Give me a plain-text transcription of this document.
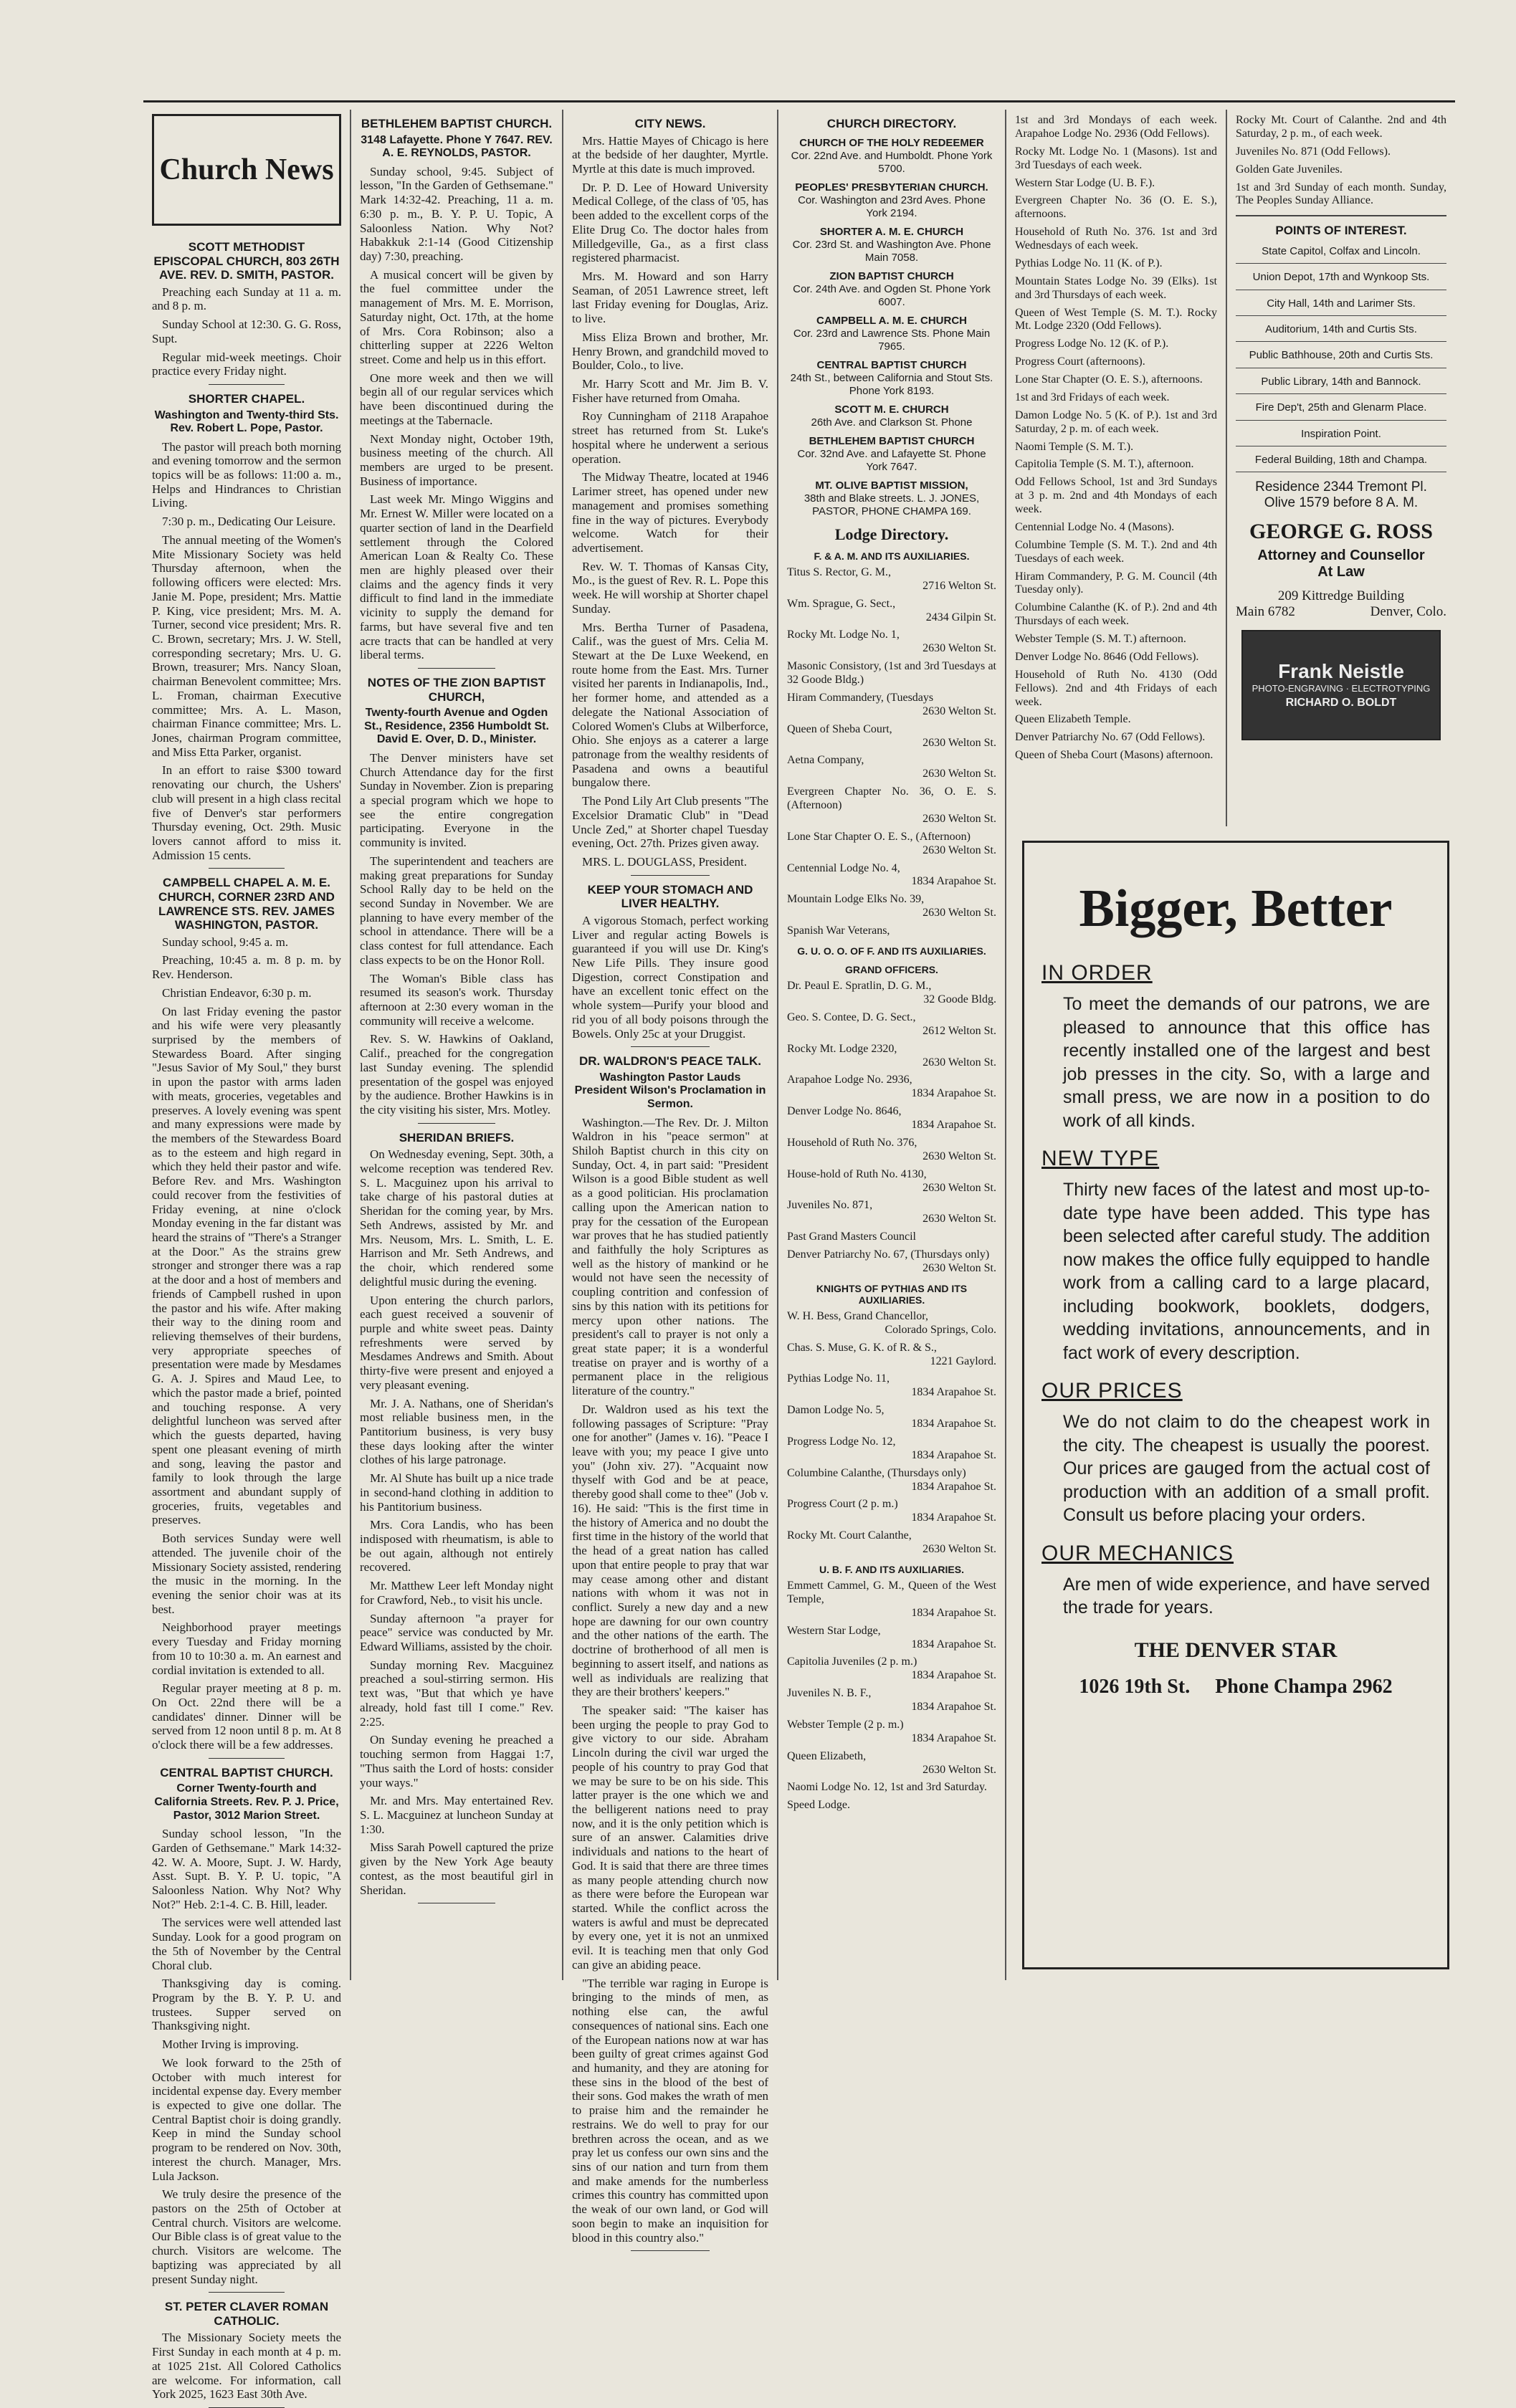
Church News
SCOTT METHODIST EPISCOPAL CHURCH, 803 26TH AVE. REV. D. SMITH, PASTOR.

Preaching each Sunday at 11 a. m. and 8 p. m.

Sunday School at 12:30. G. G. Ross, Supt.

Regular mid-week meetings. Choir practice every Friday night.

SHORTER CHAPEL.
Washington and Twenty-third Sts. Rev. Robert L. Pope, Pastor.

The pastor will preach both morning and evening tomorrow and the sermon topics will be as follows: 11:00 a. m., Helps and Hindrances to Christian Living.

7:30 p. m., Dedicating Our Leisure.

The annual meeting of the Women's Mite Missionary Society was held Thursday afternoon, when the following officers were elected: Mrs. Janie M. Pope, president; Mrs. Mattie P. King, vice president; Mrs. M. A. Turner, second vice president; Mrs. R. C. Brown, secretary; Mrs. J. W. Stell, corresponding secretary; Mrs. U. G. Brown, treasurer; Mrs. Nancy Sloan, chairman Benevolent committee; Mrs. L. Froman, chairman Executive committee; Mrs. A. L. Mason, chairman Finance committee; Mrs. L. Jones, chairman Program committee, and Miss Etta Parker, organist.

In an effort to raise $300 toward renovating our church, the Ushers' club will present in a high class recital five of Denver's star performers Thursday evening, Oct. 29th. Music lovers cannot afford to miss it. Admission 15 cents.

CAMPBELL CHAPEL A. M. E. CHURCH, CORNER 23RD AND LAWRENCE STS. REV. JAMES WASHINGTON, PASTOR.

Sunday school, 9:45 a. m.

Preaching, 10:45 a. m. 8 p. m. by Rev. Henderson.

Christian Endeavor, 6:30 p. m.

On last Friday evening the pastor and his wife were very pleasantly surprised by the members of Stewardess Board. After singing "Jesus Savior of My Soul," they burst in upon the pastor with arms laden with meats, groceries, vegetables and preserves. A lovely evening was spent and many expressions were made by the members of the Stewardess Board as to the esteem and high regard in which they held their pastor and wife. Before Rev. and Mrs. Washington could recover from the festivities of Friday evening, at nine o'clock Monday evening in the far distant was heard the strains of "There's a Stranger at the Door." As the strains grew stronger and stronger there was a rap at the door and a host of members and friends of Campbell rushed in upon the pastor and his wife. After making their way to the dining room and relieving themselves of their burdens, very appropriate speeches of presentation were made by Mesdames G. A. J. Spires and Maud Lee, to which the pastor made a brief, pointed and touching response. A very delightful luncheon was served after which the guests departed, having spent one pleasant evening of mirth and song, leaving the pastor and family to look through the large assortment and abundant supply of groceries, fruits, vegetables and preserves.

Both services Sunday were well attended. The juvenile choir of the Missionary Society assisted, rendering the music in the morning. In the evening the senior choir was at its best.

Neighborhood prayer meetings every Tuesday and Friday morning from 10 to 10:30 a. m. An earnest and cordial invitation is extended to all.

Regular prayer meeting at 8 p. m. On Oct. 22nd there will be a candidates' dinner. Dinner will be served from 12 noon until 8 p. m. At 8 o'clock there will be a few addresses.

CENTRAL BAPTIST CHURCH.
Corner Twenty-fourth and California Streets. Rev. P. J. Price, Pastor, 3012 Marion Street.

Sunday school lesson, "In the Garden of Gethsemane." Mark 14:32-42. W. A. Moore, Supt. J. W. Hardy, Asst. Supt. B. Y. P. U. topic, "A Saloonless Nation. Why Not? Why Not?" Heb. 2:1-4. C. B. Hill, leader.

The services were well attended last Sunday. Look for a good program on the 5th of November by the Central Choral club.

Thanksgiving day is coming. Program by the B. Y. P. U. and trustees. Supper served on Thanksgiving night.

Mother Irving is improving.

We look forward to the 25th of October with much interest for incidental expense day. Every member is expected to give one dollar. The Central Baptist choir is doing grandly. Keep in mind the Sunday school program to be rendered on Nov. 30th, interest the church. Manager, Mrs. Lula Jackson.

We truly desire the presence of the pastors on the 25th of October at Central church. Visitors are welcome. Our Bible class is of great value to the church. Visitors are welcome. The baptizing was appreciated by all present Sunday night.

ST. PETER CLAVER ROMAN CATHOLIC.

The Missionary Society meets the First Sunday in each month at 4 p. m. at 1025 21st. All Colored Catholics are welcome. For information, call York 2025, 1623 East 30th Ave.

BETHLEHEM BAPTIST CHURCH.
3148 Lafayette. Phone Y 7647. REV. A. E. REYNOLDS, PASTOR.

Sunday school, 9:45. Subject of lesson, "In the Garden of Gethsemane." Mark 14:32-42. Preaching, 11 a. m. 6:30 p. m., B. Y. P. U. Topic, A Saloonless Nation. Why Not? Habakkuk 2:1-14 (Good Citizenship day) 7:30, preaching.

A musical concert will be given by the fuel committee under the management of Mrs. M. E. Morrison, Saturday night, Oct. 17th, at the home of Mrs. Cora Robinson; also a chitterling supper at 2226 Welton street. Come and help us in this effort.

One more week and then we will begin all of our regular services which have been discontinued during the meetings at the Tabernacle.

Next Monday night, October 19th, business meeting of the church. All members are urged to be present. Business of importance.

Last week Mr. Mingo Wiggins and Mr. Ernest W. Miller were located on a quarter section of land in the Dearfield settlement through the Colored American Loan & Realty Co. These men are highly pleased over their claims and the agency finds it very difficult to find land in the immediate vicinity to supply the demand for farms, but have several five and ten acre tracts that can be handled at very liberal terms.

NOTES OF THE ZION BAPTIST CHURCH,
Twenty-fourth Avenue and Ogden St., Residence, 2356 Humboldt St. David E. Over, D. D., Minister.

The Denver ministers have set Church Attendance day for the first Sunday in November. Zion is preparing a special program which we hope to see the entire congregation participating. Everyone in the community is invited.

The superintendent and teachers are making great preparations for Sunday School Rally day to be held on the second Sunday in November. We are planning to have every member of the school in attendance. There will be a class contest for full attendance. Each class expects to be on the Honor Roll.

The Woman's Bible class has resumed its season's work. Thursday afternoon at 2:30 every woman in the community will receive a welcome.

Rev. S. W. Hawkins of Oakland, Calif., preached for the congregation last Sunday evening. The splendid presentation of the gospel was enjoyed by the audience. Brother Hawkins is in the city visiting his sister, Mrs. Motley.

SHERIDAN BRIEFS.

On Wednesday evening, Sept. 30th, a welcome reception was tendered Rev. S. L. Macguinez upon his arrival to take charge of his pastoral duties at Sheridan for the coming year, by Mrs. Seth Andrews, assisted by Mr. and Mrs. Neusom, Mrs. L. Smith, L. E. Harrison and Mr. Seth Andrews, and the choir, which rendered some delightful music during the evening.

Upon entering the church parlors, each guest received a souvenir of purple and white sweet peas. Dainty refreshments were served by Mesdames Andrews and Smith. About thirty-five were present and enjoyed a very pleasant evening.

Mr. J. A. Nathans, one of Sheridan's most reliable business men, in the Pantitorium business, is very busy these days looking after the winter clothes of his large patronage.

Mr. Al Shute has built up a nice trade in second-hand clothing in addition to his Pantitorium business.

Mrs. Cora Landis, who has been indisposed with rheumatism, is able to be out again, although not entirely recovered.

Mr. Matthew Leer left Monday night for Crawford, Neb., to visit his uncle.

Sunday afternoon "a prayer for peace" service was conducted by Mr. Edward Williams, assisted by the choir.

Sunday morning Rev. Macguinez preached a soul-stirring sermon. His text was, "But that which ye have already, hold fast till I come." Rev. 2:25.

On Sunday evening he preached a touching sermon from Haggai 1:7, "Thus saith the Lord of hosts: consider your ways."

Mr. and Mrs. May entertained Rev. S. L. Macguinez at luncheon Sunday at 1:30.

Miss Sarah Powell captured the prize given by the New York Age beauty contest, as the most beautiful girl in Sheridan.

CITY NEWS.

Mrs. Hattie Mayes of Chicago is here at the bedside of her daughter, Myrtle. Myrtle at this date is much improved.

Dr. P. D. Lee of Howard University Medical College, of the class of '05, has been added to the excellent corps of the Elite Drug Co. The doctor hales from Milledgeville, Ga., as a first class registered pharmacist.

Mrs. M. Howard and son Harry Seaman, of 2051 Lawrence street, left last Friday evening for Douglas, Ariz. to live.

Miss Eliza Brown and brother, Mr. Henry Brown, and grandchild moved to Boulder, Colo., to live.

Mr. Harry Scott and Mr. Jim B. V. Fisher have returned from Omaha.

Roy Cunningham of 2118 Arapahoe street has returned from St. Luke's hospital where he underwent a serious operation.

The Midway Theatre, located at 1946 Larimer street, has opened under new management and promises something fine in the way of pictures. Everybody welcome. Watch for their advertisement.

Rev. W. T. Thomas of Kansas City, Mo., is the guest of Rev. R. L. Pope this week. He will worship at Shorter chapel Sunday.

Mrs. Bertha Turner of Pasadena, Calif., was the guest of Mrs. Celia M. Stewart at the De Luxe Weekend, en route home from the East. Mrs. Turner visited her parents in Indianapolis, Ind., her former home, and attended as a delegate the National Association of Colored Women's Clubs at Wilberforce, Ohio. She enjoys as a caterer a large patronage from the wealthy residents of Pasadena and owns a beautiful bungalow there.

The Pond Lily Art Club presents "The Excelsior Dramatic Club" in "Dead Uncle Zed," at Shorter chapel Tuesday evening, Oct. 27th. Prizes given away.

MRS. L. DOUGLASS, President.

KEEP YOUR STOMACH AND LIVER HEALTHY.

A vigorous Stomach, perfect working Liver and regular acting Bowels is guaranteed if you will use Dr. King's New Life Pills. They insure good Digestion, correct Constipation and have an excellent tonic effect on the whole system—Purify your blood and rid you of all body poisons through the Bowels. Only 25c at your Druggist.

DR. WALDRON'S PEACE TALK.
Washington Pastor Lauds President Wilson's Proclamation in Sermon.

Washington.—The Rev. Dr. J. Milton Waldron in his "peace sermon" at Shiloh Baptist church in this city on Sunday, Oct. 4, in part said: "President Wilson is a good Bible student as well as a good politician. His proclamation calling upon the American nation to pray for the cessation of the European war proves that he has studied patiently and faithfully the holy Scriptures as well as the history of mankind or he would not have seen the necessity of coupling contrition and confession of sins by this nation with its petitions for mercy upon other nations. The president's call to prayer is not only a great state paper; it is a wonderful treatise on prayer and is worthy of a permanent place in the religious literature of the country."

Dr. Waldron used as his text the following passages of Scripture: "Pray one for another" (James v. 16). "Peace I leave with you; my peace I give unto you" (John xiv. 27). "Acquaint now thyself with God and be at peace, thereby good shall come to thee" (Job v. 16). He said: "This is the first time in the history of America and no doubt the first time in the history of the world that the head of a great nation has called upon that entire people to pray that war may cease among other and distant nations with whom it was not in conflict. Surely a new day and a new hope are dawning for our own country and the other nations of the earth. The doctrine of brotherhood of all men is beginning to assert itself, and nations as well as individuals are realizing that they are their brothers' keepers."

The speaker said: "The kaiser has been urging the people to pray God to give victory to our side. Abraham Lincoln during the civil war urged the people of his country to pray God that we may be sure to be on his side. This latter prayer is the one which we and the belligerent nations need to pray now, and it is the only petition which is sure of an answer. Calamities drive individuals and nations to the heart of God. It is said that there are three times as many people attending church now as there were before the European war started. While the conflict across the waters is awful and must be deprecated by every one, yet it is not an unmixed evil. It is teaching men that only God can give an abiding peace.

"The terrible war raging in Europe is bringing to the minds of men, as nothing else can, the awful consequences of national sins. Each one of the European nations now at war has been guilty of great crimes against God and humanity, and they are atoning for these sins in the blood of the best of their sons. God makes the wrath of men to praise him and the remainder he restrains. We do well to pray for our brethren across the ocean, and as we pray let us confess our own sins and the sins of our nation and turn from them and make amends for the numberless crimes this country has committed upon the weak of our own land, or God will soon begin to make an inquisition for blood in this country also."

CHURCH DIRECTORY.
CHURCH OF THE HOLY REDEEMER
Cor. 22nd Ave. and Humboldt. Phone York 5700.
PEOPLES' PRESBYTERIAN CHURCH.
Cor. Washington and 23rd Aves. Phone York 2194.
SHORTER A. M. E. CHURCH
Cor. 23rd St. and Washington Ave. Phone Main 7058.
ZION BAPTIST CHURCH
Cor. 24th Ave. and Ogden St. Phone York 6007.
CAMPBELL A. M. E. CHURCH
Cor. 23rd and Lawrence Sts. Phone Main 7965.
CENTRAL BAPTIST CHURCH
24th St., between California and Stout Sts. Phone York 8193.
SCOTT M. E. CHURCH
26th Ave. and Clarkson St. Phone
BETHLEHEM BAPTIST CHURCH
Cor. 32nd Ave. and Lafayette St. Phone York 7647.
MT. OLIVE BAPTIST MISSION,
38th and Blake streets. L. J. JONES, PASTOR, PHONE CHAMPA 169.
Lodge Directory.
F. & A. M. AND ITS AUXILIARIES.
Titus S. Rector, G. M.,
2716 Welton St.
Wm. Sprague, G. Sect.,
2434 Gilpin St.
Rocky Mt. Lodge No. 1,
2630 Welton St.
Masonic Consistory, (1st and 3rd Tuesdays at 32 Goode Bldg.)
Hiram Commandery, (Tuesdays
2630 Welton St.
Queen of Sheba Court,
2630 Welton St.
Aetna Company,
2630 Welton St.
Evergreen Chapter No. 36, O. E. S. (Afternoon)
2630 Welton St.
Lone Star Chapter O. E. S., (Afternoon)
2630 Welton St.
Centennial Lodge No. 4,
1834 Arapahoe St.
Mountain Lodge Elks No. 39,
2630 Welton St.
Spanish War Veterans,
G. U. O. O. OF F. AND ITS AUXILIARIES.
GRAND OFFICERS.
Dr. Peaul E. Spratlin, D. G. M.,
32 Goode Bldg.
Geo. S. Contee, D. G. Sect.,
2612 Welton St.
Rocky Mt. Lodge 2320,
2630 Welton St.
Arapahoe Lodge No. 2936,
1834 Arapahoe St.
Denver Lodge No. 8646,
1834 Arapahoe St.
Household of Ruth No. 376,
2630 Welton St.
House-hold of Ruth No. 4130,
2630 Welton St.
Juveniles No. 871,
2630 Welton St.
Past Grand Masters Council
Denver Patriarchy No. 67, (Thursdays only)
2630 Welton St.
KNIGHTS OF PYTHIAS AND ITS AUXILIARIES.
W. H. Bess, Grand Chancellor,
Colorado Springs, Colo.
Chas. S. Muse, G. K. of R. & S.,
1221 Gaylord.
Pythias Lodge No. 11,
1834 Arapahoe St.
Damon Lodge No. 5,
1834 Arapahoe St.
Progress Lodge No. 12,
1834 Arapahoe St.
Columbine Calanthe, (Thursdays only)
1834 Arapahoe St.
Progress Court (2 p. m.)
1834 Arapahoe St.
Rocky Mt. Court Calanthe,
2630 Welton St.
U. B. F. AND ITS AUXILIARIES.
Emmett Cammel, G. M., Queen of the West Temple,
1834 Arapahoe St.
Western Star Lodge,
1834 Arapahoe St.
Capitolia Juveniles (2 p. m.)
1834 Arapahoe St.
Juveniles N. B. F.,
1834 Arapahoe St.
Webster Temple (2 p. m.)
1834 Arapahoe St.
Queen Elizabeth,
2630 Welton St.
Naomi Lodge No. 12, 1st and 3rd Saturday.
Speed Lodge.
1st and 3rd Mondays of each week. Arapahoe Lodge No. 2936 (Odd Fellows).
Rocky Mt. Lodge No. 1 (Masons). 1st and 3rd Tuesdays of each week.
Western Star Lodge (U. B. F.).
Evergreen Chapter No. 36 (O. E. S.), afternoons.
Household of Ruth No. 376. 1st and 3rd Wednesdays of each week.
Pythias Lodge No. 11 (K. of P.).
Mountain States Lodge No. 39 (Elks). 1st and 3rd Thursdays of each week.
Queen of West Temple (S. M. T.). Rocky Mt. Lodge 2320 (Odd Fellows).
Progress Lodge No. 12 (K. of P.).
Progress Court (afternoons).
Lone Star Chapter (O. E. S.), afternoons.
1st and 3rd Fridays of each week.
Damon Lodge No. 5 (K. of P.). 1st and 3rd Saturday, 2 p. m. of each week.
Naomi Temple (S. M. T.).
Capitolia Temple (S. M. T.), afternoon.
Odd Fellows School, 1st and 3rd Sundays at 3 p. m. 2nd and 4th Mondays of each week.
Centennial Lodge No. 4 (Masons).
Columbine Temple (S. M. T.). 2nd and 4th Tuesdays of each week.
Hiram Commandery, P. G. M. Council (4th Tuesday only).
Columbine Calanthe (K. of P.). 2nd and 4th Thursdays of each week.
Webster Temple (S. M. T.) afternoon.
Denver Lodge No. 8646 (Odd Fellows).
Household of Ruth No. 4130 (Odd Fellows). 2nd and 4th Fridays of each week.
Queen Elizabeth Temple.
Denver Patriarchy No. 67 (Odd Fellows).
Queen of Sheba Court (Masons) afternoon.
Rocky Mt. Court of Calanthe. 2nd and 4th Saturday, 2 p. m., of each week.
Juveniles No. 871 (Odd Fellows).
Golden Gate Juveniles.
1st and 3rd Sunday of each month. Sunday, The Peoples Sunday Alliance.
POINTS OF INTEREST.
State Capitol, Colfax and Lincoln.
Union Depot, 17th and Wynkoop Sts.
City Hall, 14th and Larimer Sts.
Auditorium, 14th and Curtis Sts.
Public Bathhouse, 20th and Curtis Sts.
Public Library, 14th and Bannock.
Fire Dep't, 25th and Glenarm Place.
Inspiration Point.
Federal Building, 18th and Champa.
Residence 2344 Tremont Pl.
Olive 1579 before 8 A. M.
GEORGE G. ROSS
Attorney and Counsellor
At Law
209 Kittredge Building
Main 6782	Denver, Colo.
Frank Neistle
PHOTO-ENGRAVING · ELECTROTYPING
RICHARD O. BOLDT
Bigger, Better
IN ORDER
To meet the demands of our patrons, we are pleased to announce that this office has recently installed one of the largest and best job presses in the city. So, with a large and small press, we are now in a position to do work of all kinds.
NEW TYPE
Thirty new faces of the latest and most up-to-date type have been added. This type has been selected after careful study. The addition now makes the office fully equipped to handle work from a calling card to a large placard, including bookwork, booklets, dodgers, wedding invitations, announcements, and in fact work of every description.
OUR PRICES
We do not claim to do the cheapest work in the city. The cheapest is usually the poorest. Our prices are gauged from the actual cost of production with an addition of a small profit. Consult us before placing your orders.
OUR MECHANICS
Are men of wide experience, and have served the trade for years.
THE DENVER STAR
1026 19th St.     Phone Champa 2962
